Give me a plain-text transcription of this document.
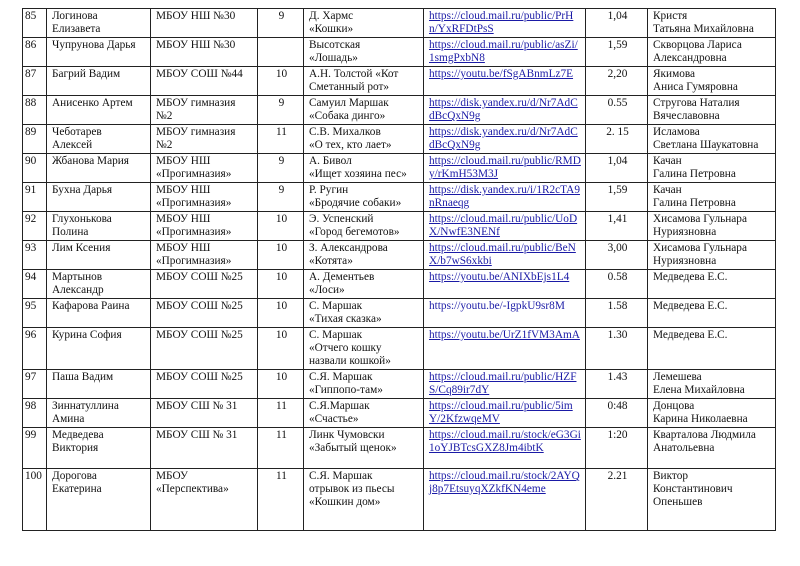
85	Логинова
Елизавета	МБОУ НШ №30	9	Д. Хармс
«Кошки»	https://cloud.mail.ru/public/PrHn/YxRFDtPsS	1,04	Кристя
Татьяна Михайловна
86	Чупрунова Дарья	МБОУ НШ №30		Высотская
«Лошадь»	https://cloud.mail.ru/public/asZi/1smgPxbN8	1,59	Скворцова Лариса
Александровна
87	Багрий Вадим	МБОУ СОШ №44	10	А.Н. Толстой «Кот
Сметанный рот»	https://youtu.be/fSgABnmLz7E	2,20	Якимова
Аниса Гумяровна
88	Анисенко Артем	МБОУ гимназия
№2	9	Самуил Маршак
«Собака динго»	https://disk.yandex.ru/d/Nr7AdCdBcQxN9g	0.55	Стругова Наталия
Вячеславовна
89	Чеботарев
Алексей	МБОУ гимназия
№2	11	С.В. Михалков
«О тех, кто лает»	https://disk.yandex.ru/d/Nr7AdCdBcQxN9g	2. 15	Исламова
Светлана Шаукатовна
90	Жбанова Мария	МБОУ НШ
«Прогимназия»	9	А. Бивол
«Ищет хозяина пес»	https://cloud.mail.ru/public/RMDy/rKmH53M3J	1,04	Качан
Галина Петровна
91	Бухна Дарья	МБОУ НШ
«Прогимназия»	9	Р. Ругин
«Бродячие собаки»	https://disk.yandex.ru/i/1R2cTA9nRnaeqg	1,59	Качан
Галина Петровна
92	Глухонькова
Полина	МБОУ НШ
«Прогимназия»	10	Э. Успенский
«Город бегемотов»	https://cloud.mail.ru/public/UoDX/NwfE3NENf	1,41	Хисамова Гульнара
Нуриязновна
93	Лим Ксения	МБОУ НШ
«Прогимназия»	10	З. Александрова
«Котята»	https://cloud.mail.ru/public/BeNX/b7wS6xkbi	3,00	Хисамова Гульнара
Нуриязновна
94	Мартынов
Александр	МБОУ СОШ №25	10	А. Дементьев
«Лоси»	https://youtu.be/ANIXbEjs1L4	0.58	Медведева Е.С.
95	Кафарова Раина	МБОУ СОШ №25	10	С. Маршак
«Тихая сказка»	https://youtu.be/-IgpkU9sr8M	1.58	Медведева Е.С.
96	Курина София	МБОУ СОШ №25	10	С. Маршак
«Отчего кошку
назвали кошкой»	https://youtu.be/UrZ1fVM3AmA	1.30	Медведева Е.С.
97	Паша Вадим	МБОУ СОШ №25	10	С.Я. Маршак
«Гиппопо-там»	https://cloud.mail.ru/public/HZFS/Cq89ir7dY	1.43	Лемешева
Елена Михайловна
98	Зиннатуллина
Амина	МБОУ СШ № 31	11	С.Я.Маршак
«Счастье»	https://cloud.mail.ru/public/5imY/2KfzwqeMV	0:48	Донцова
Карина Николаевна
99	Медведева
Виктория	МБОУ СШ № 31	11	Линк Чумовски
«Забытый щенок»	https://cloud.mail.ru/stock/eG3Gi1oYJBTcsGXZ8Jm4ibtK	1:20	Кварталова Людмила
Анатольевна
100	Дорогова
Екатерина	МБОУ
«Перспектива»	11	С.Я. Маршак
отрывок из пьесы
«Кошкин дом»	https://cloud.mail.ru/stock/2AYQj8p7EtsuyqXZkfKN4eme	2.21	Виктор
Константинович
Опеньшев
